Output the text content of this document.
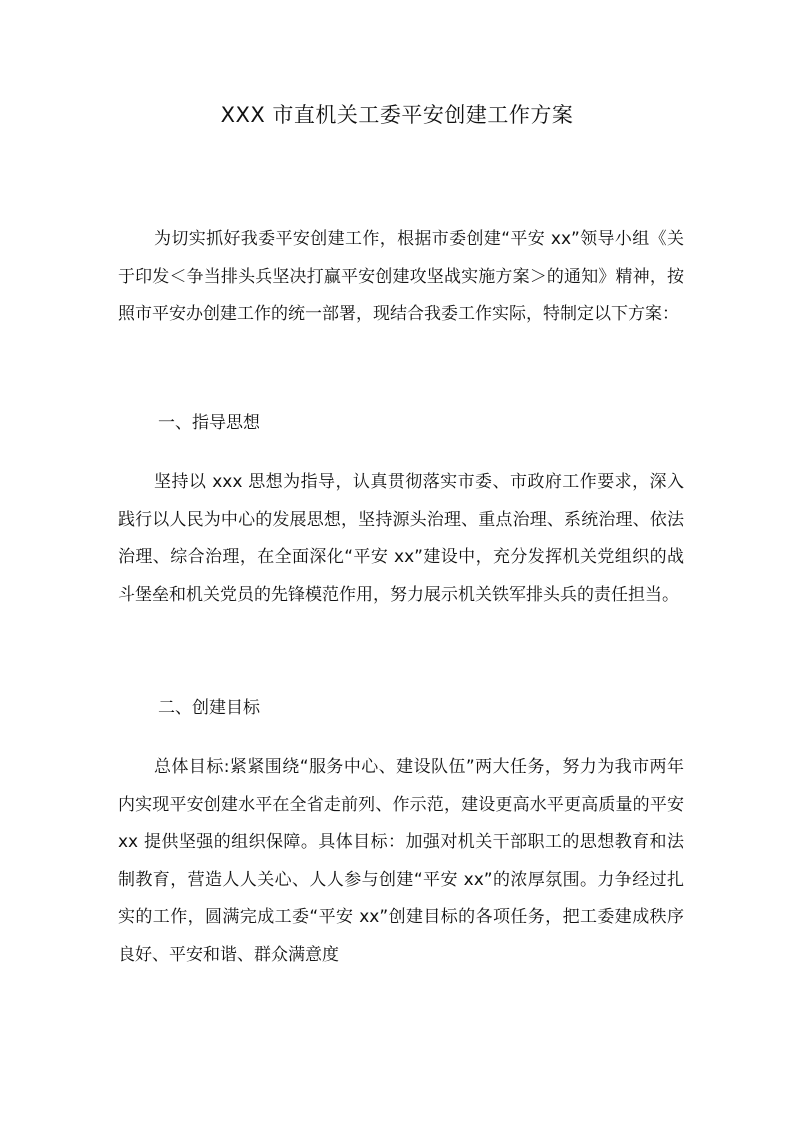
XXX 市直机关工委平安创建工作方案

为切实抓好我委平安创建工作，根据市委创建“平安 xx”领导小组《关于印发＜争当排头兵坚决打赢平安创建攻坚战实施方案＞的通知》精神，按照市平安办创建工作的统一部署，现结合我委工作实际，特制定以下方案：

一、指导思想

坚持以 xxx 思想为指导，认真贯彻落实市委、市政府工作要求，深入践行以人民为中心的发展思想，坚持源头治理、重点治理、系统治理、依法治理、综合治理，在全面深化“平安 xx”建设中，充分发挥机关党组织的战斗堡垒和机关党员的先锋模范作用，努力展示机关铁军排头兵的责任担当。

二、创建目标

总体目标:紧紧围绕“服务中心、建设队伍”两大任务，努力为我市两年内实现平安创建水平在全省走前列、作示范，建设更高水平更高质量的平安 xx 提供坚强的组织保障。具体目标：加强对机关干部职工的思想教育和法制教育，营造人人关心、人人参与创建“平安 xx”的浓厚氛围。力争经过扎实的工作，圆满完成工委“平安 xx”创建目标的各项任务，把工委建成秩序良好、平安和谐、群众满意度
